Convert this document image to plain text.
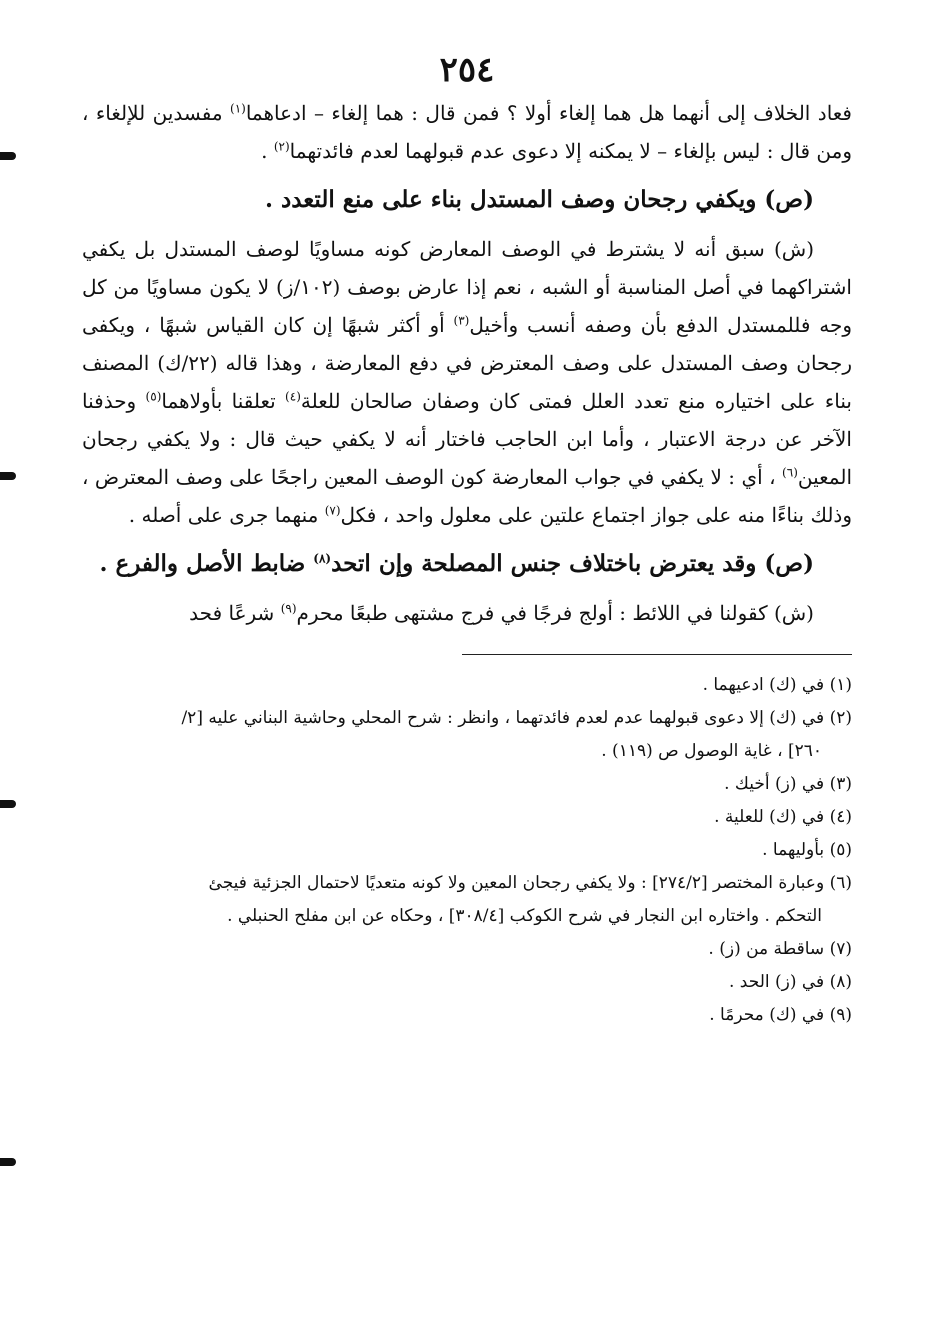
٢٥٤

فعاد الخلاف إلى أنهما هل هما إلغاء أولا ؟ فمن قال : هما إلغاء – ادعاهما$^{(١)}$ مفسدين للإلغاء ، ومن قال : ليس بإلغاء – لا يمكنه إلا دعوى عدم قبولهما لعدم فائدتهما$^{(٢)}$ .

(ص) ويكفي رجحان وصف المستدل بناء على منع التعدد .

(ش) سبق أنه لا يشترط في الوصف المعارض كونه مساويًا لوصف المستدل بل يكفي اشتراكهما في أصل المناسبة أو الشبه ، نعم إذا عارض بوصف (١٠٢/ز) لا يكون مساويًا من كل وجه فللمستدل الدفع بأن وصفه أنسب وأخيل$^{(٣)}$ أو أكثر شبهًا إن كان القياس شبهًا ، ويكفى رجحان وصف المستدل على وصف المعترض في دفع المعارضة ، وهذا قاله (٢٢/ك) المصنف بناء على اختياره منع تعدد العلل فمتى كان وصفان صالحان للعلة$^{(٤)}$ تعلقنا بأولاهما$^{(٥)}$ وحذفنا الآخر عن درجة الاعتبار ، وأما ابن الحاجب فاختار أنه لا يكفي حيث قال : ولا يكفي رجحان المعين$^{(٦)}$ ، أي : لا يكفي في جواب المعارضة كون الوصف المعين راجحًا على وصف المعترض ، وذلك بناءًا منه على جواز اجتماع علتين على معلول واحد ، فكل$^{(٧)}$ منهما جرى على أصله .

(ص) وقد يعترض باختلاف جنس المصلحة وإن اتحد$^{(٨)}$ ضابط الأصل والفرع .

(ش) كقولنا في اللائط : أولج فرجًا في فرج مشتهى طبعًا محرم$^{(٩)}$ شرعًا فحد

(١) في (ك) ادعيهما .

(٢) في (ك) إلا دعوى قبولهما عدم لعدم فائدتهما ، وانظر : شرح المحلي وحاشية البناني عليه [٢/
٢٦٠] ، غاية الوصول ص (١١٩) .

(٣) في (ز) أخيك .

(٤) في (ك) للعلية .

(٥) بأوليهما .

(٦) وعبارة المختصر [٢٧٤/٢] : ولا يكفي رجحان المعين ولا كونه متعديًا لاحتمال الجزئية فيجئ
التحكم . واختاره ابن النجار في شرح الكوكب [٣٠٨/٤] ، وحكاه عن ابن مفلح الحنبلي .

(٧) ساقطة من (ز) .

(٨) في (ز) الحد .

(٩) في (ك) محرمًا .
